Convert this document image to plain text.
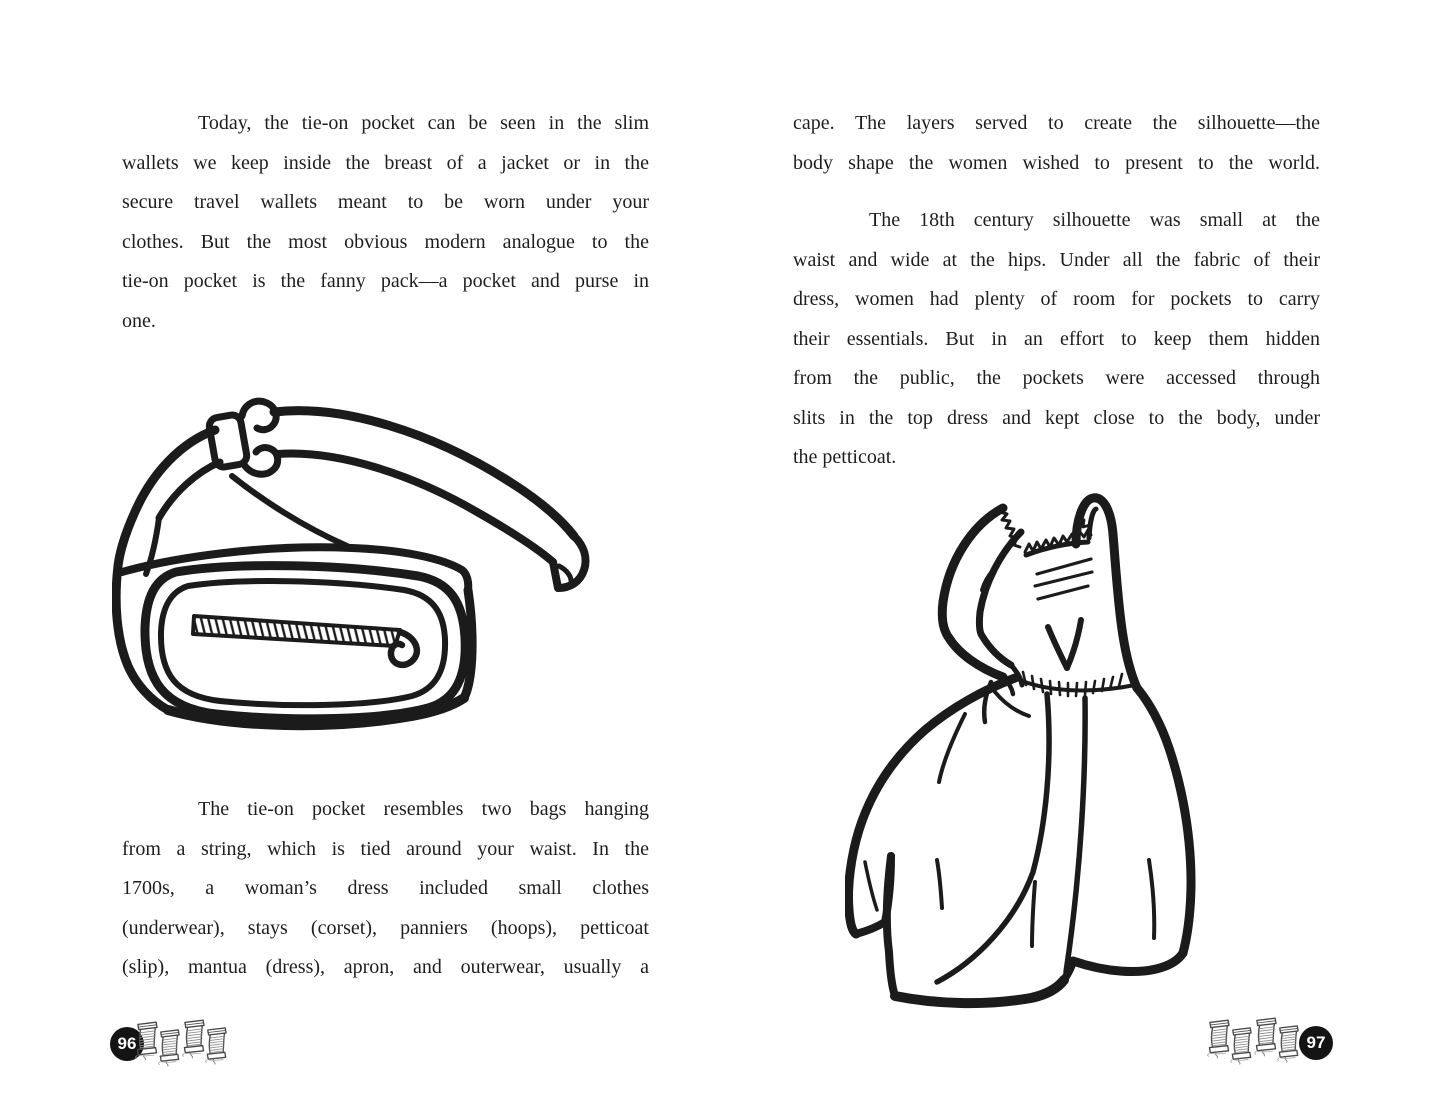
Today, the tie-on pocket can be seen in the slim
wallets we keep inside the breast of a jacket or in the
secure travel wallets meant to be worn under your
clothes. But the most obvious modern analogue to the
tie-on pocket is the fanny pack—a pocket and purse in
one.
The tie-on pocket resembles two bags hanging
from a string, which is tied around your waist. In the
1700s, a woman’s dress included small clothes
(underwear), stays (corset), panniers (hoops), petticoat
(slip), mantua (dress), apron, and outerwear, usually a
96
cape. The layers served to create the silhouette—the
body shape the women wished to present to the world.
The 18th century silhouette was small at the
waist and wide at the hips. Under all the fabric of their
dress, women had plenty of room for pockets to carry
their essentials. But in an effort to keep them hidden
from the public, the pockets were accessed through
slits in the top dress and kept close to the body, under
the petticoat.
97
